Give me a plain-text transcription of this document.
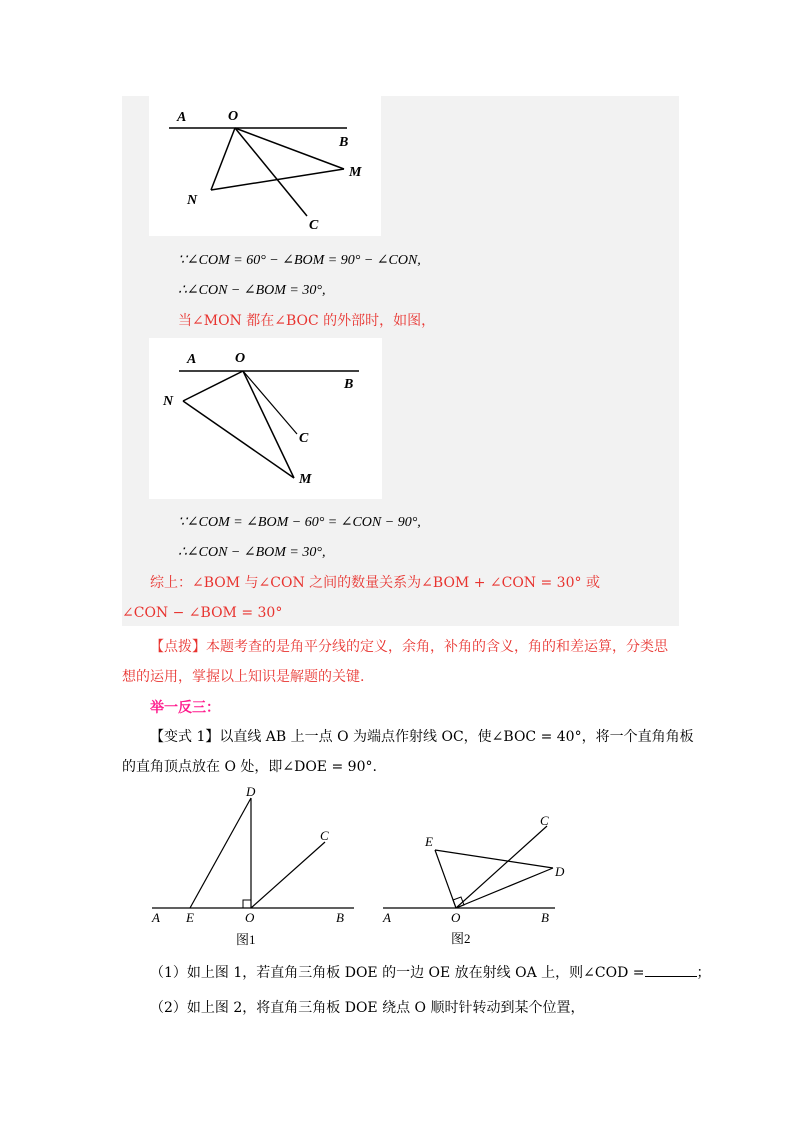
A	O
B
M
N
C
∵∠COM = 60° − ∠BOM = 90° − ∠CON,
∴∠CON − ∠BOM = 30°,
当∠MON 都在∠BOC 的外部时，如图，
A	O
B
N
C
M
∵∠COM = ∠BOM − 60° = ∠CON − 90°,
∴∠CON − ∠BOM = 30°,
综上：∠BOM 与∠CON 之间的数量关系为∠BOM + ∠CON = 30° 或
∠CON − ∠BOM = 30°
【点拨】本题考查的是角平分线的定义，余角，补角的含义，角的和差运算，分类思
想的运用，掌握以上知识是解题的关键.
举一反三：
【变式 1】以直线 AB 上一点 O 为端点作射线 OC，使∠BOC = 40°，将一个直角角板
的直角顶点放在 O 处，即∠DOE = 90°.
D
C
A E	O	B
图1
C
E
D
A	O	B
图2
（1）如上图 1，若直角三角板 DOE 的一边 OE 放在射线 OA 上，则∠COD =	；
（2）如上图 2，将直角三角板 DOE 绕点 O 顺时针转动到某个位置，
